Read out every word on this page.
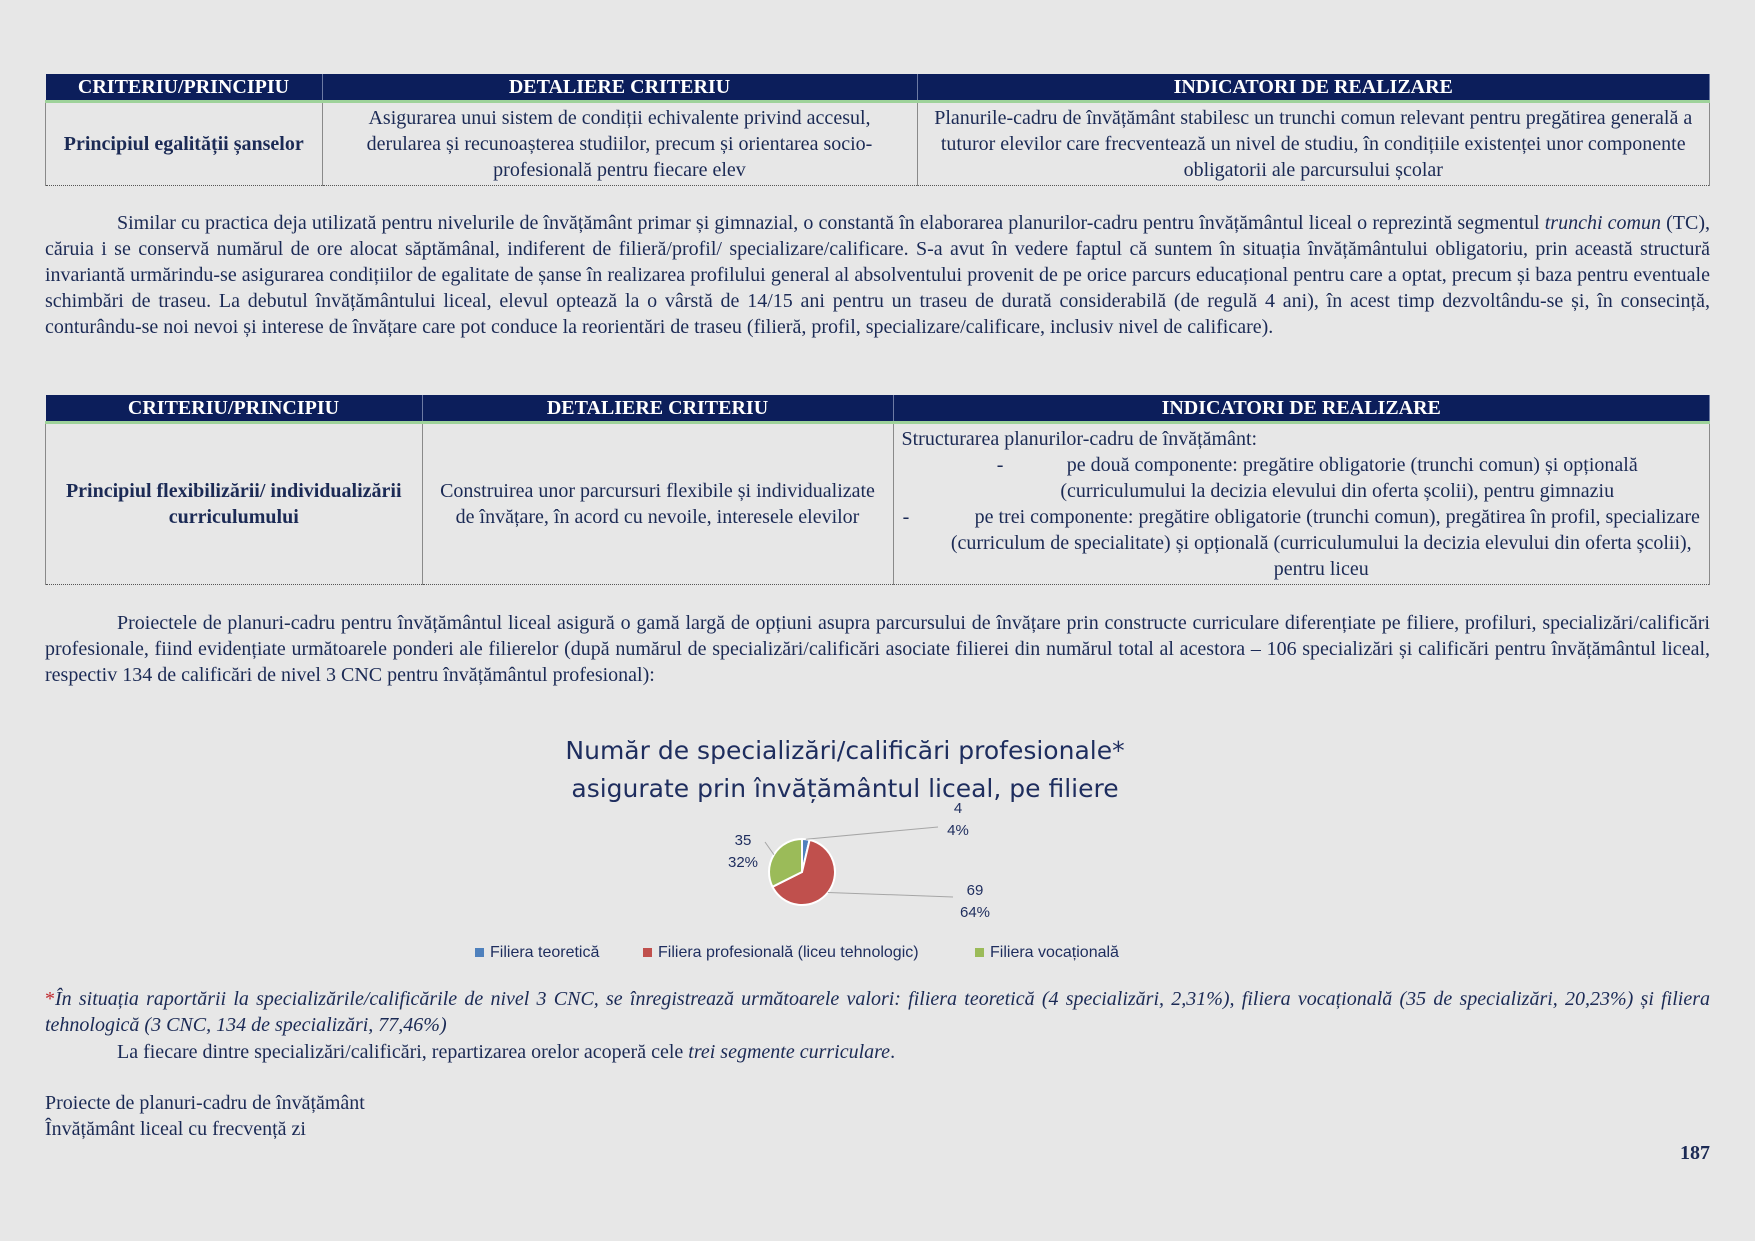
CRITERIU/PRINCIPIU	DETALIERE CRITERIU	INDICATORI DE REALIZARE
Principiul egalității șanselor	Asigurarea unui sistem de condiții echivalente privind accesul, derularea și recunoașterea studiilor, precum și orientarea socio-profesională pentru fiecare elev	Planurile-cadru de învățământ stabilesc un trunchi comun relevant pentru pregătirea generală a tuturor elevilor care frecventează un nivel de studiu, în condițiile existenței unor componente obligatorii ale parcursului școlar

Similar cu practica deja utilizată pentru nivelurile de învățământ primar și gimnazial, o constantă în elaborarea planurilor-cadru pentru învățământul liceal o reprezintă segmentul trunchi comun (TC), căruia i se conservă numărul de ore alocat săptămânal, indiferent de filieră/profil/ specializare/calificare. S-a avut în vedere faptul că suntem în situația învățământului obligatoriu, prin această structură invariantă urmărindu-se asigurarea condițiilor de egalitate de șanse în realizarea profilului general al absolventului provenit de pe orice parcurs educațional pentru care a optat, precum și baza pentru eventuale schimbări de traseu. La debutul învățământului liceal, elevul optează la o vârstă de 14/15 ani pentru un traseu de durată considerabilă (de regulă 4 ani), în acest timp dezvoltându-se și, în consecință, conturându-se noi nevoi și interese de învățare care pot conduce la reorientări de traseu (filieră, profil, specializare/calificare, inclusiv nivel de calificare).

CRITERIU/PRINCIPIU	DETALIERE CRITERIU	INDICATORI DE REALIZARE
Principiul flexibilizării/ individualizării curriculumului	Construirea unor parcursuri flexibile și individualizate de învățare, în acord cu nevoile, interesele elevilor	Structurarea planurilor-cadru de învățământ:
- pe două componente: pregătire obligatorie (trunchi comun) și opțională (curriculumului la decizia elevului din oferta școlii), pentru gimnaziu
- pe trei componente: pregătire obligatorie (trunchi comun), pregătirea în profil, specializare (curriculum de specialitate) și opțională (curriculumului la decizia elevului din oferta școlii), pentru liceu

Proiectele de planuri-cadru pentru învățământul liceal asigură o gamă largă de opțiuni asupra parcursului de învățare prin constructe curriculare diferențiate pe filiere, profiluri, specializări/calificări profesionale, fiind evidențiate următoarele ponderi ale filierelor (după numărul de specializări/calificări asociate filierei din numărul total al acestora – 106 specializări și calificări pentru învățământul liceal, respectiv 134 de calificări de nivel 3 CNC pentru învățământul profesional):

Număr de specializări/calificări profesionale*
asigurate prin învățământul liceal, pe filiere
4
4%
69
64%
35
32%
Filiera teoretică	Filiera profesională (liceu tehnologic)	Filiera vocațională
*În situația raportării la specializările/calificările de nivel 3 CNC, se înregistrează următoarele valori: filiera teoretică (4 specializări, 2,31%), filiera vocațională (35 de specializări, 20,23%) și filiera tehnologică (3 CNC, 134 de specializări, 77,46%)

La fiecare dintre specializări/calificări, repartizarea orelor acoperă cele trei segmente curriculare.

Proiecte de planuri-cadru de învățământ
Învățământ liceal cu frecvență zi
187
